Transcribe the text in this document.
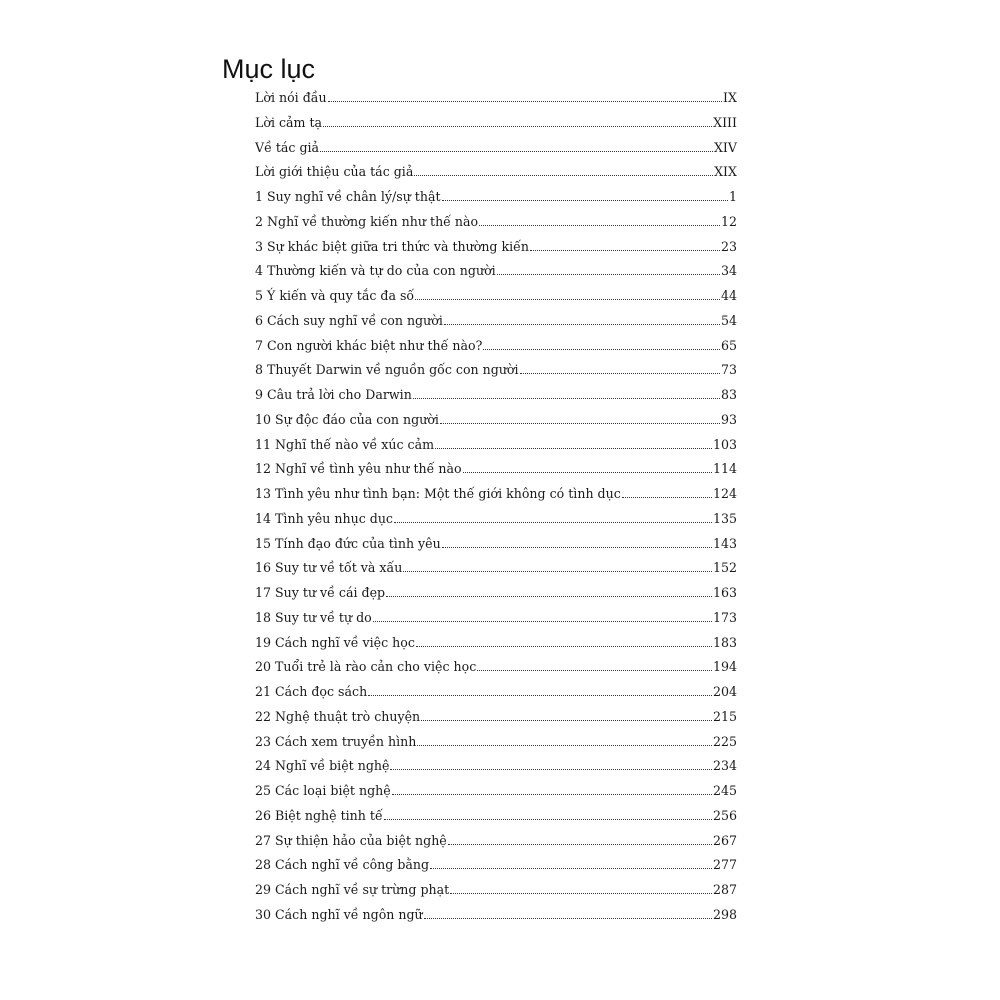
Mục lục
Lời nói đầu	IX
Lời cảm tạ	XIII
Về tác giả	XIV
Lời giới thiệu của tác giả	XIX
1 Suy nghĩ về chân lý/sự thật	1
2 Nghĩ về thường kiến như thế nào	12
3 Sự khác biệt giữa tri thức và thường kiến	23
4 Thường kiến và tự do của con người	34
5 Ý kiến và quy tắc đa số	44
6 Cách suy nghĩ về con người	54
7 Con người khác biệt như thế nào?	65
8 Thuyết Darwin về nguồn gốc con người	73
9 Câu trả lời cho Darwin	83
10 Sự độc đáo của con người	93
11 Nghĩ thế nào về xúc cảm	103
12 Nghĩ về tình yêu như thế nào	114
13 Tình yêu như tình bạn: Một thế giới không có tình dục	124
14 Tình yêu nhục dục	135
15 Tính đạo đức của tình yêu	143
16 Suy tư về tốt và xấu	152
17 Suy tư về cái đẹp	163
18 Suy tư về tự do	173
19 Cách nghĩ về việc học	183
20 Tuổi trẻ là rào cản cho việc học	194
21 Cách đọc sách	204
22 Nghệ thuật trò chuyện	215
23 Cách xem truyền hình	225
24 Nghĩ về biệt nghệ	234
25 Các loại biệt nghệ	245
26 Biệt nghệ tinh tế	256
27 Sự thiện hảo của biệt nghệ	267
28 Cách nghĩ về công bằng	277
29 Cách nghĩ về sự trừng phạt	287
30 Cách nghĩ về ngôn ngữ	298
